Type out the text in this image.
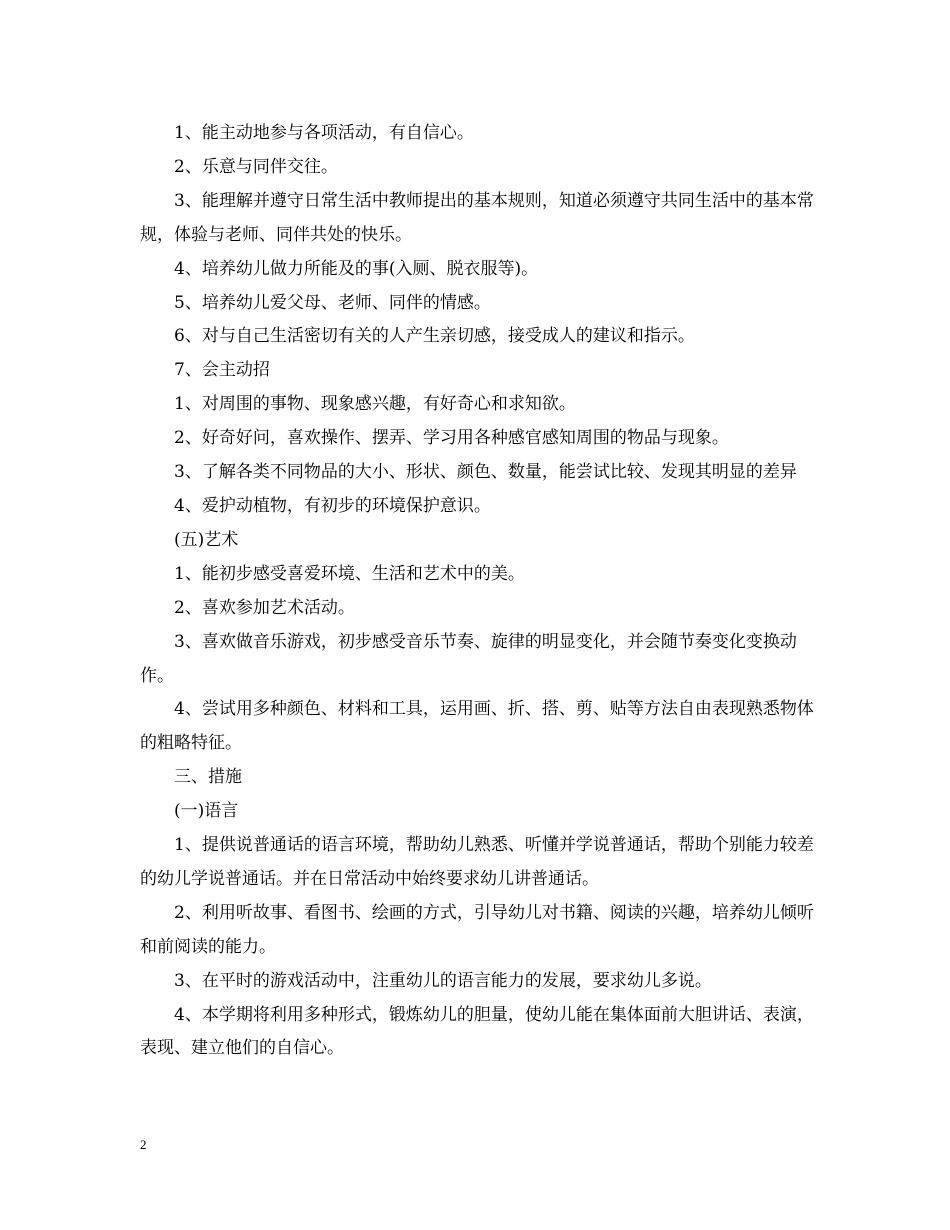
1、能主动地参与各项活动，有自信心。

2、乐意与同伴交往。

3、能理解并遵守日常生活中教师提出的基本规则，知道必须遵守共同生活中的基本常规，体验与老师、同伴共处的快乐。

4、培养幼儿做力所能及的事(入厕、脱衣服等)。

5、培养幼儿爱父母、老师、同伴的情感。

6、对与自己生活密切有关的人产生亲切感，接受成人的建议和指示。

7、会主动招

1、对周围的事物、现象感兴趣，有好奇心和求知欲。

2、好奇好问，喜欢操作、摆弄、学习用各种感官感知周围的物品与现象。

3、了解各类不同物品的大小、形状、颜色、数量，能尝试比较、发现其明显的差异

4、爱护动植物，有初步的环境保护意识。

(五)艺术

1、能初步感受喜爱环境、生活和艺术中的美。

2、喜欢参加艺术活动。

3、喜欢做音乐游戏，初步感受音乐节奏、旋律的明显变化，并会随节奏变化变换动作。

4、尝试用多种颜色、材料和工具，运用画、折、搭、剪、贴等方法自由表现熟悉物体的粗略特征。

三、措施

(一)语言

1、提供说普通话的语言环境，帮助幼儿熟悉、听懂并学说普通话，帮助个别能力较差的幼儿学说普通话。并在日常活动中始终要求幼儿讲普通话。

2、利用听故事、看图书、绘画的方式，引导幼儿对书籍、阅读的兴趣，培养幼儿倾听和前阅读的能力。

3、在平时的游戏活动中，注重幼儿的语言能力的发展，要求幼儿多说。

4、本学期将利用多种形式，锻炼幼儿的胆量，使幼儿能在集体面前大胆讲话、表演，表现、建立他们的自信心。

2
